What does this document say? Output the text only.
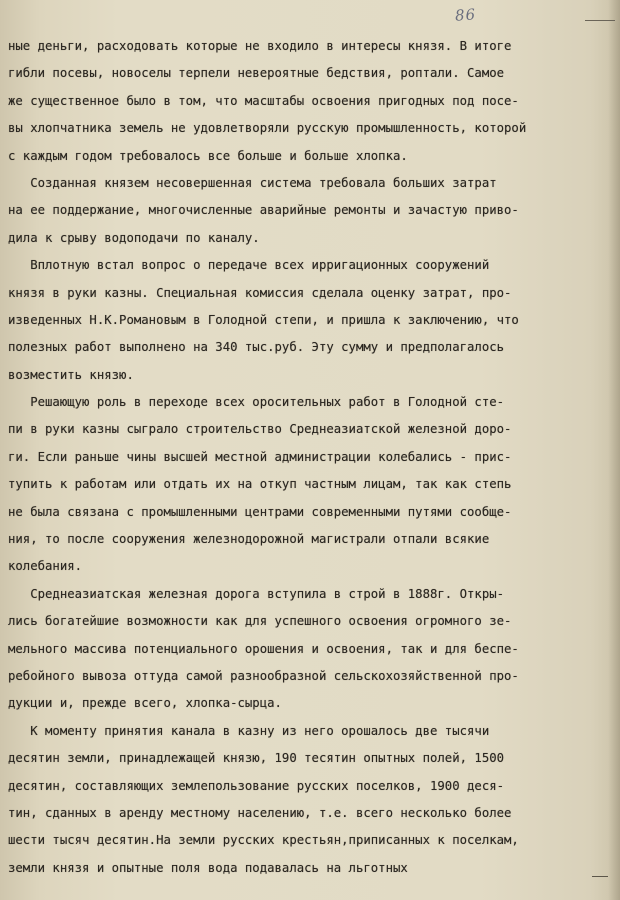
86
ные деньги, расходовать которые не входило в интересы князя. В итоге
гибли посевы, новоселы терпели невероятные бедствия, роптали. Самое
же существенное было в том, что масштабы освоения пригодных под посе-
вы хлопчатника земель не удовлетворяли русскую промышленность, которой
с каждым годом требовалось все больше и больше хлопка.
Созданная князем несовершенная система требовала больших затрат
на ее поддержание, многочисленные аварийные ремонты и зачастую приво-
дила к срыву водоподачи по каналу.
Вплотную встал вопрос о передаче всех ирригационных сооружений
князя в руки казны. Специальная комиссия сделала оценку затрат, про-
изведенных Н.К.Романовым в Голодной степи, и пришла к заключению, что
полезных работ выполнено на 340 тыс.руб. Эту сумму и предполагалось
возместить князю.
Решающую роль в переходе всех оросительных работ в Голодной сте-
пи в руки казны сыграло строительство Среднеазиатской железной доро-
ги. Если раньше чины высшей местной администрации колебались - прис-
тупить к работам или отдать их на откуп частным лицам, так как степь
не была связана с промышленными центрами современными путями сообще-
ния, то после сооружения железнодорожной магистрали отпали всякие
колебания.
Среднеазиатская железная дорога вступила в строй в 1888г. Откры-
лись богатейшие возможности как для успешного освоения огромного зе-
мельного массива потенциального орошения и освоения, так и для беспе-
ребойного вывоза оттуда самой разнообразной сельскохозяйственной про-
дукции и, прежде всего, хлопка-сырца.
К моменту принятия канала в казну из него орошалось две тысячи
десятин земли, принадлежащей князю, 190 тесятин опытных полей, 1500
десятин, составляющих землепользование русских поселков, 1900 деся-
тин, сданных в аренду местному населению, т.е. всего несколько более
шести тысяч десятин.На земли русских крестьян,приписанных к поселкам,
земли князя и опытные поля вода подавалась на льготных
